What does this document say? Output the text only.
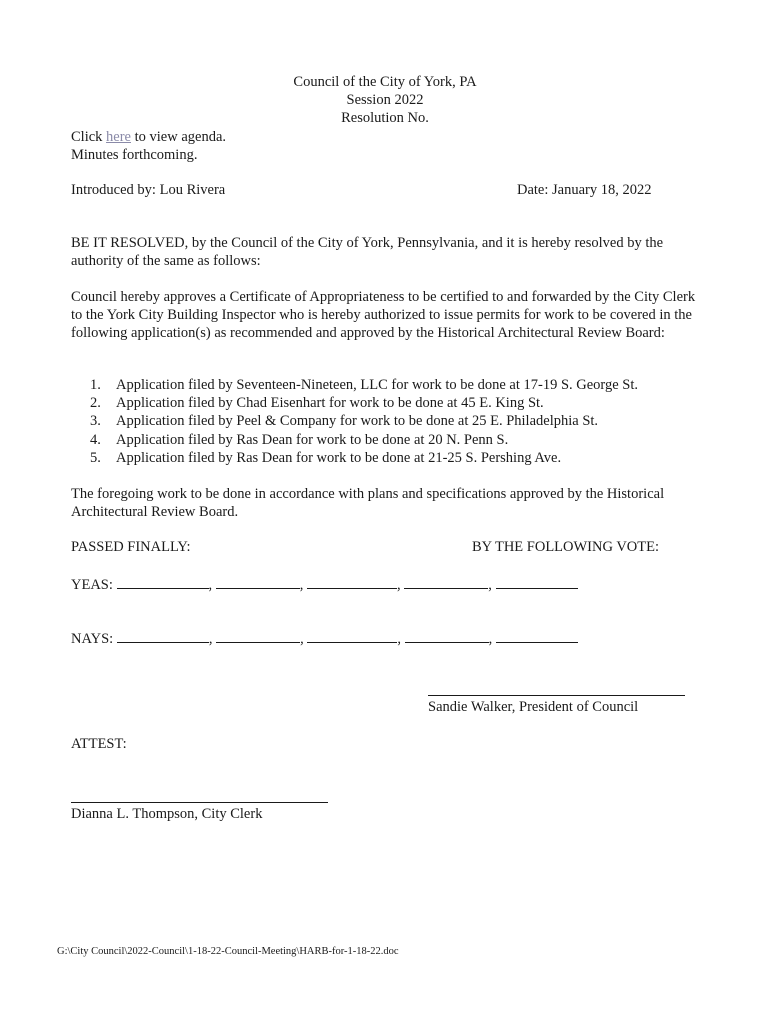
Council of the City of York, PA
Session 2022
Resolution No.
Click here to view agenda.
Minutes forthcoming.
Introduced by: Lou Rivera	Date: January 18, 2022
BE IT RESOLVED, by the Council of the City of York, Pennsylvania, and it is hereby resolved by the authority of the same as follows:
Council hereby approves a Certificate of Appropriateness to be certified to and forwarded by the City Clerk to the York City Building Inspector who is hereby authorized to issue permits for work to be covered in the following application(s) as recommended and approved by the Historical Architectural Review Board:
1. Application filed by Seventeen-Nineteen, LLC for work to be done at 17-19 S. George St.
2. Application filed by Chad Eisenhart for work to be done at 45 E. King St.
3. Application filed by Peel & Company for work to be done at 25 E. Philadelphia St.
4. Application filed by Ras Dean for work to be done at 20 N. Penn S.
5. Application filed by Ras Dean for work to be done at 21-25 S. Pershing Ave.
The foregoing work to be done in accordance with plans and specifications approved by the Historical Architectural Review Board.
PASSED FINALLY:	BY THE FOLLOWING VOTE:
YEAS:	,	,	,	,
NAYS:	,	,	,	,
Sandie Walker, President of Council
ATTEST:
Dianna L. Thompson, City Clerk
G:\City Council\2022-Council\1-18-22-Council-Meeting\HARB-for-1-18-22.doc
